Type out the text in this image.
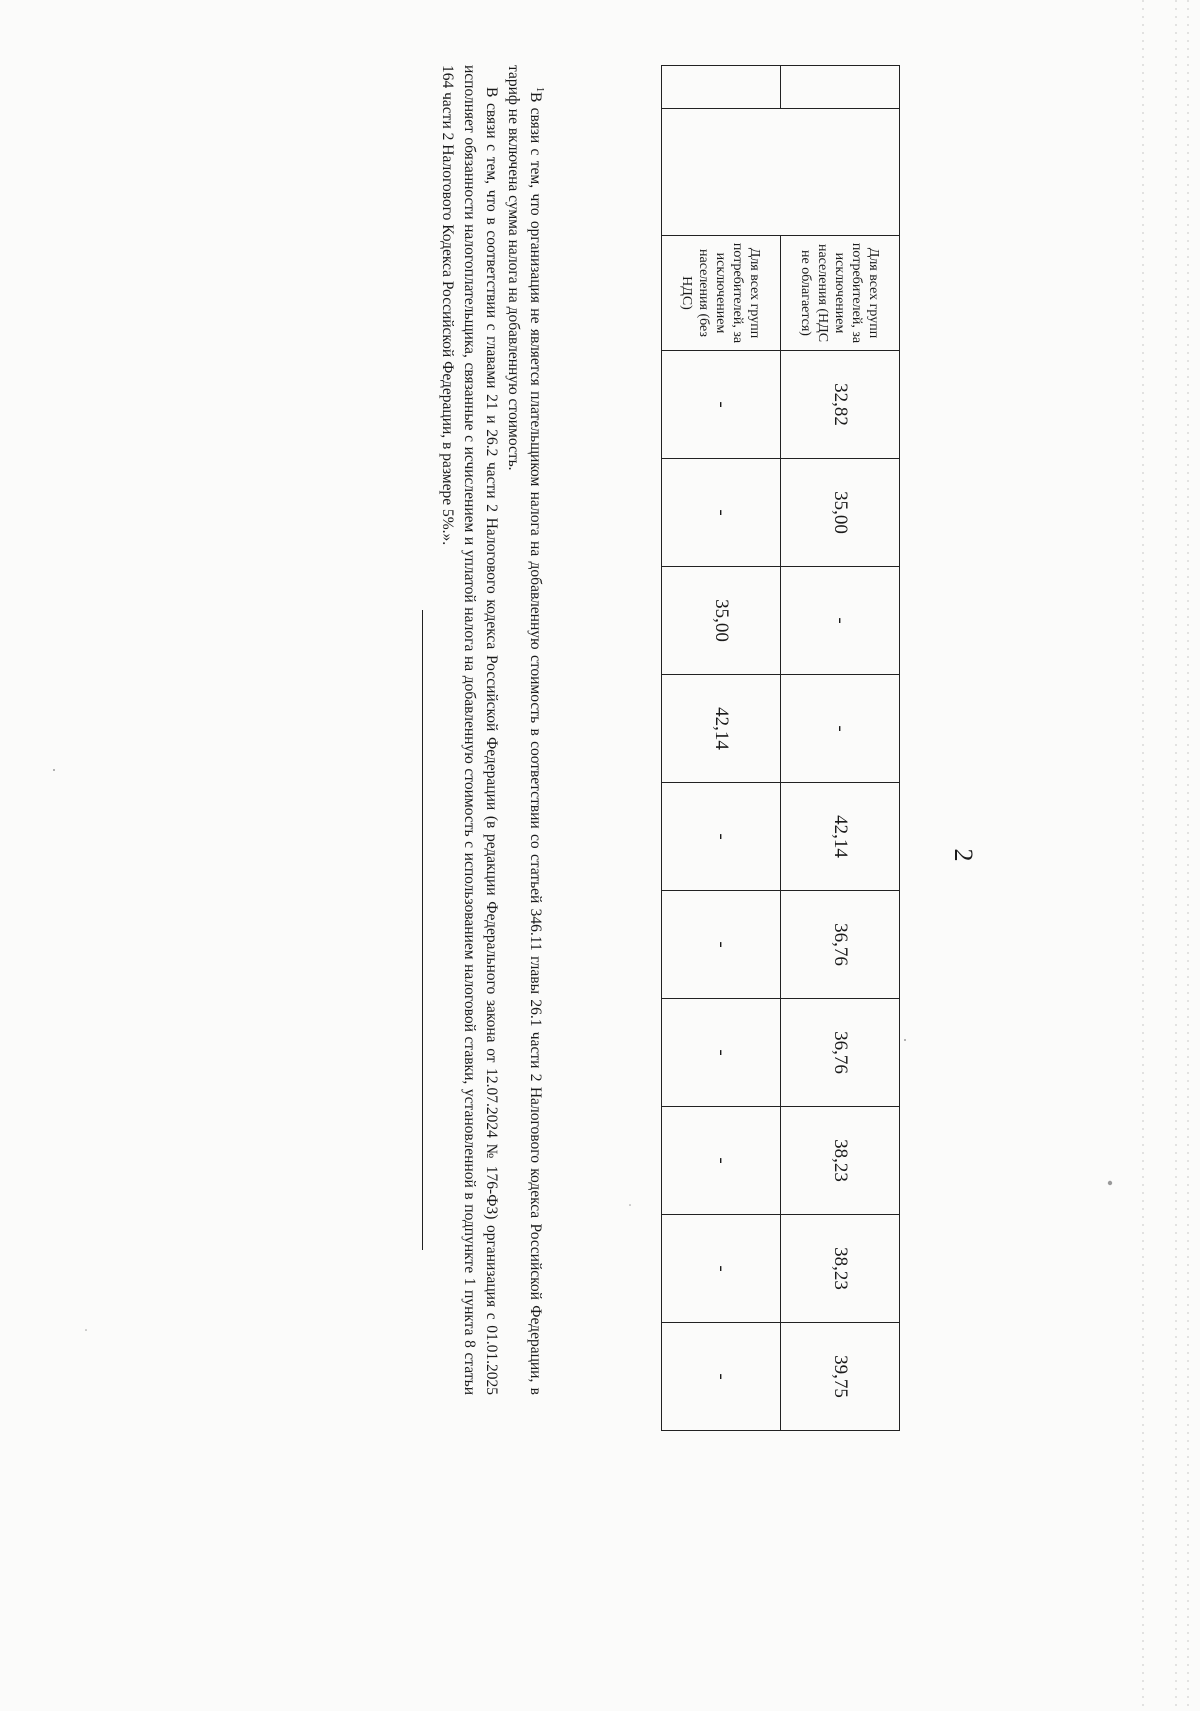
2
		Для всех групп потребителей, за исключением населения (НДС не облагается)	32,82	35,00	-	-	42,14	36,76	36,76	38,23	38,23	39,75
		Для всех групп потребителей, за исключением населения (без НДС)	-	-	35,00	42,14	-	-	-	-	-	-

$^1$В связи с тем, что организация не является плательщиком налога на добавленную стоимость в соответствии со статьей 346.11 главы 26.1 части 2 Налогового кодекса Российской Федерации, в тариф не включена сумма налога на добавленную стоимость.

В связи с тем, что в соответствии с главами 21 и 26.2 части 2 Налогового кодекса Российской Федерации (в редакции Федерального закона от 12.07.2024 № 176-ФЗ) организация с 01.01.2025 исполняет обязанности налогоплательщика, связанные с исчислением и уплатой налога на добавленную стоимость с использованием налоговой ставки, установленной в подпункте 1 пункта 8 статьи 164 части 2 Налогового Кодекса Российской Федерации, в размере 5%.».
